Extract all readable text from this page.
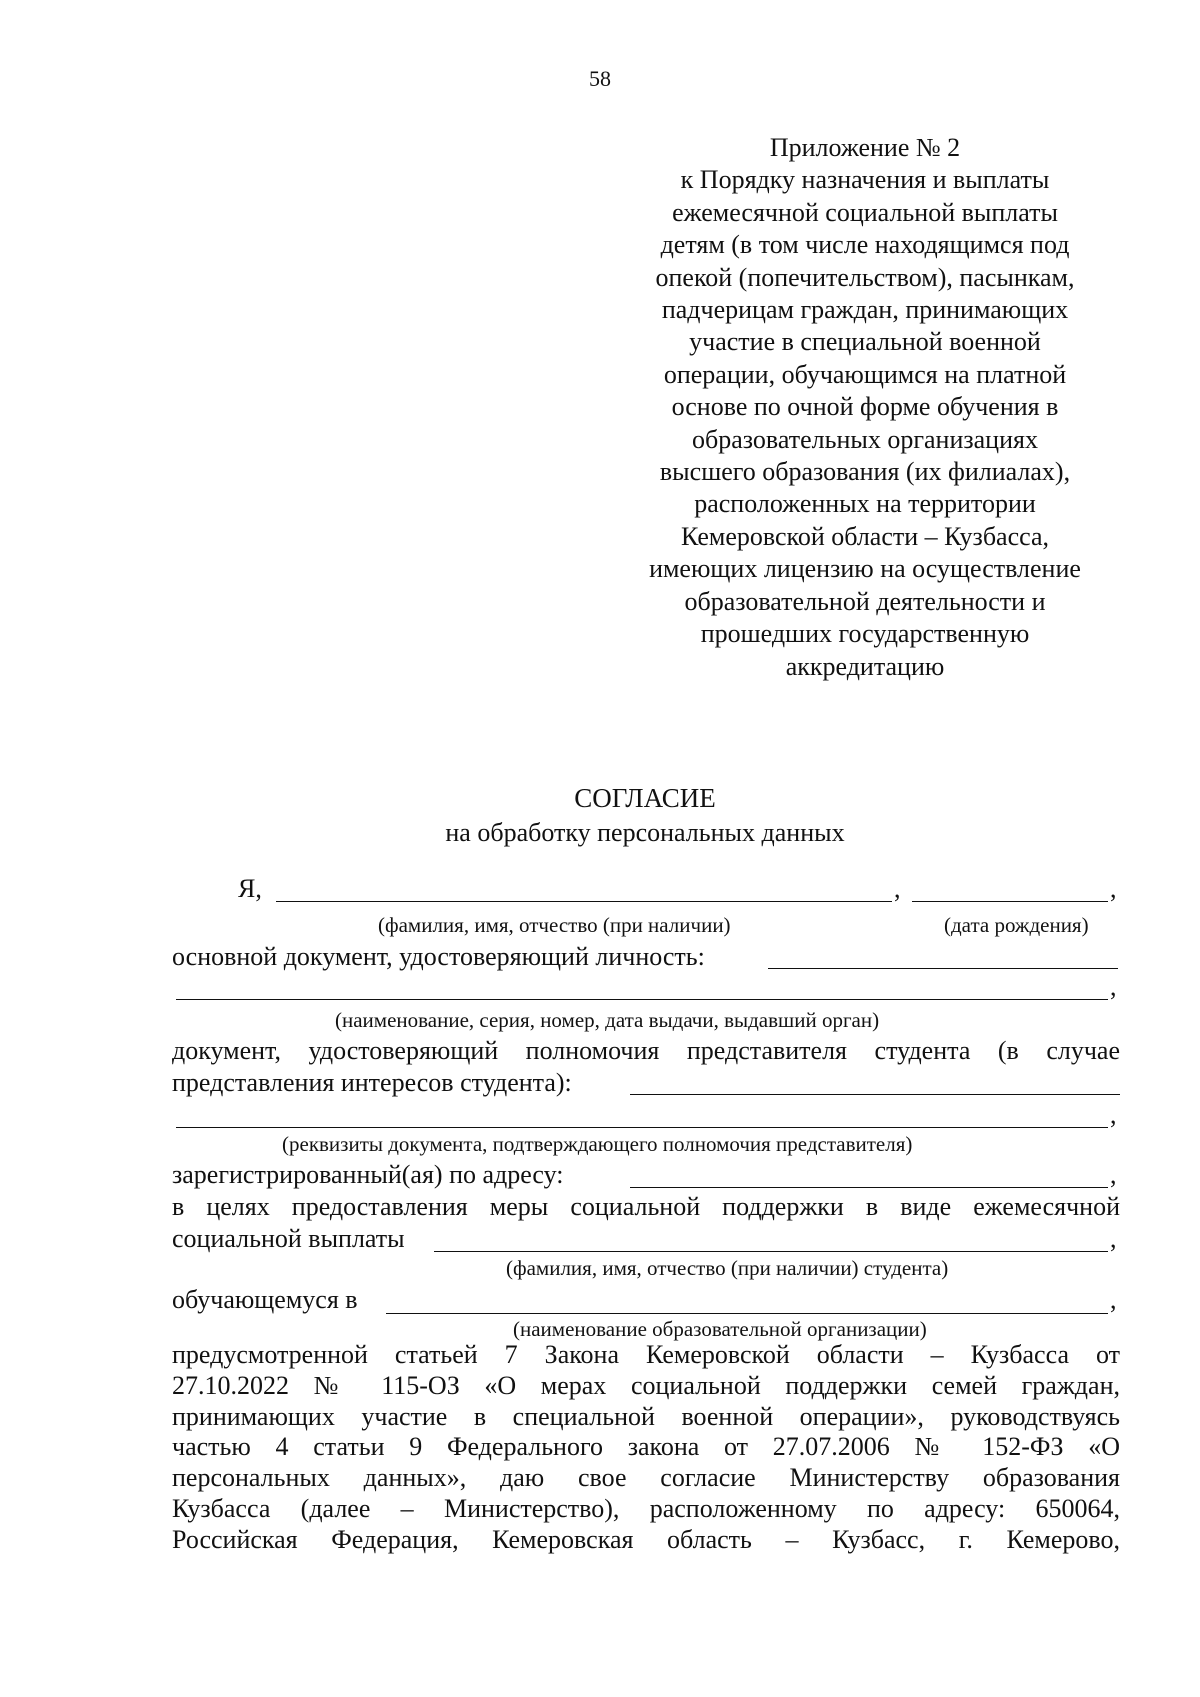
58
Приложение № 2
к Порядку назначения и выплаты
ежемесячной социальной выплаты
детям (в том числе находящимся под
опекой (попечительством), пасынкам,
падчерицам граждан, принимающих
участие в специальной военной
операции, обучающимся на платной
основе по очной форме обучения в
образовательных организациях
высшего образования (их филиалах),
расположенных на территории
Кемеровской области – Кузбасса,
имеющих лицензию на осуществление
образовательной деятельности и
прошедших государственную
аккредитацию
СОГЛАСИЕ
на обработку персональных данных
Я,	,	,
(фамилия, имя, отчество (при наличии)	(дата рождения)
основной документ, удостоверяющий личность:
,
(наименование, серия, номер, дата выдачи, выдавший орган)
документ, удостоверяющий полномочия представителя студента (в случае
представления интересов студента):
,
(реквизиты документа, подтверждающего полномочия представителя)
зарегистрированный(ая) по адресу:	,
в целях предоставления меры социальной поддержки в виде ежемесячной
социальной выплаты	,
(фамилия, имя, отчество (при наличии) студента)
обучающемуся в	,
(наименование образовательной организации)
предусмотренной статьей 7 Закона Кемеровской области – Кузбасса от
27.10.2022 № 115-ОЗ «О мерах социальной поддержки семей граждан,
принимающих участие в специальной военной операции», руководствуясь
частью 4 статьи 9 Федерального закона от 27.07.2006 № 152-ФЗ «О
персональных данных», даю свое согласие Министерству образования
Кузбасса (далее – Министерство), расположенному по адресу: 650064,
Российская Федерация, Кемеровская область – Кузбасс, г. Кемерово,
